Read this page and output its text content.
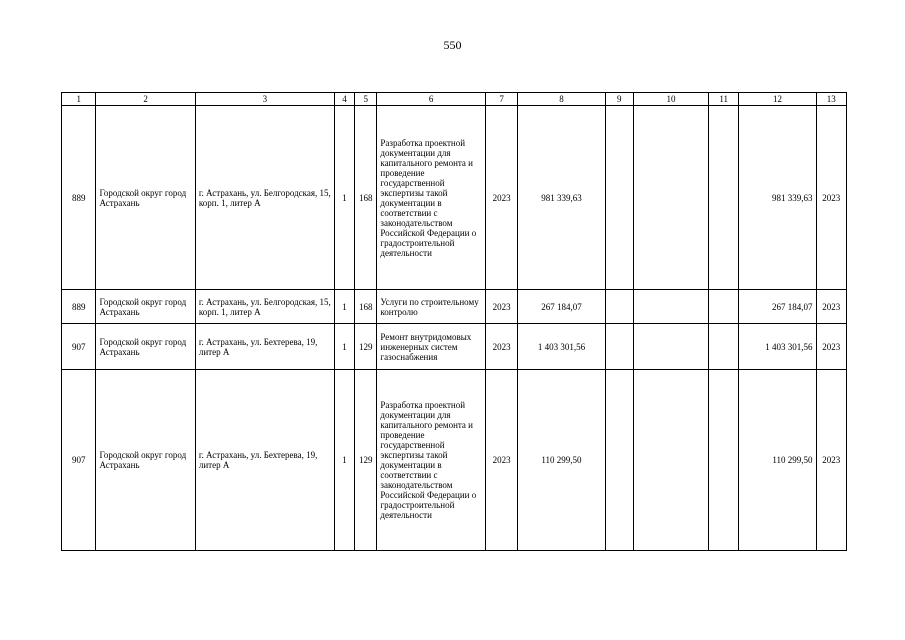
550
1	2	3	4	5	6	7	8	9	10	11	12	13
889	Городской округ город Астрахань	г. Астрахань, ул. Белгородская, 15, корп. 1, литер А	1	168	Разработка проектной документации для капитального ремонта и проведение государственной экспертизы такой документации в соответствии с законодательством Российской Федерации о градостроительной деятельности	2023	981 339,63				981 339,63	2023
889	Городской округ город Астрахань	г. Астрахань, ул. Белгородская, 15, корп. 1, литер А	1	168	Услуги по строительному контролю	2023	267 184,07				267 184,07	2023
907	Городской округ город Астрахань	г. Астрахань, ул. Бехтерева, 19, литер А	1	129	Ремонт внутридомовых инженерных систем газоснабжения	2023	1 403 301,56				1 403 301,56	2023
907	Городской округ город Астрахань	г. Астрахань, ул. Бехтерева, 19, литер А	1	129	Разработка проектной документации для капитального ремонта и проведение государственной экспертизы такой документации в соответствии с законодательством Российской Федерации о градостроительной деятельности	2023	110 299,50				110 299,50	2023
